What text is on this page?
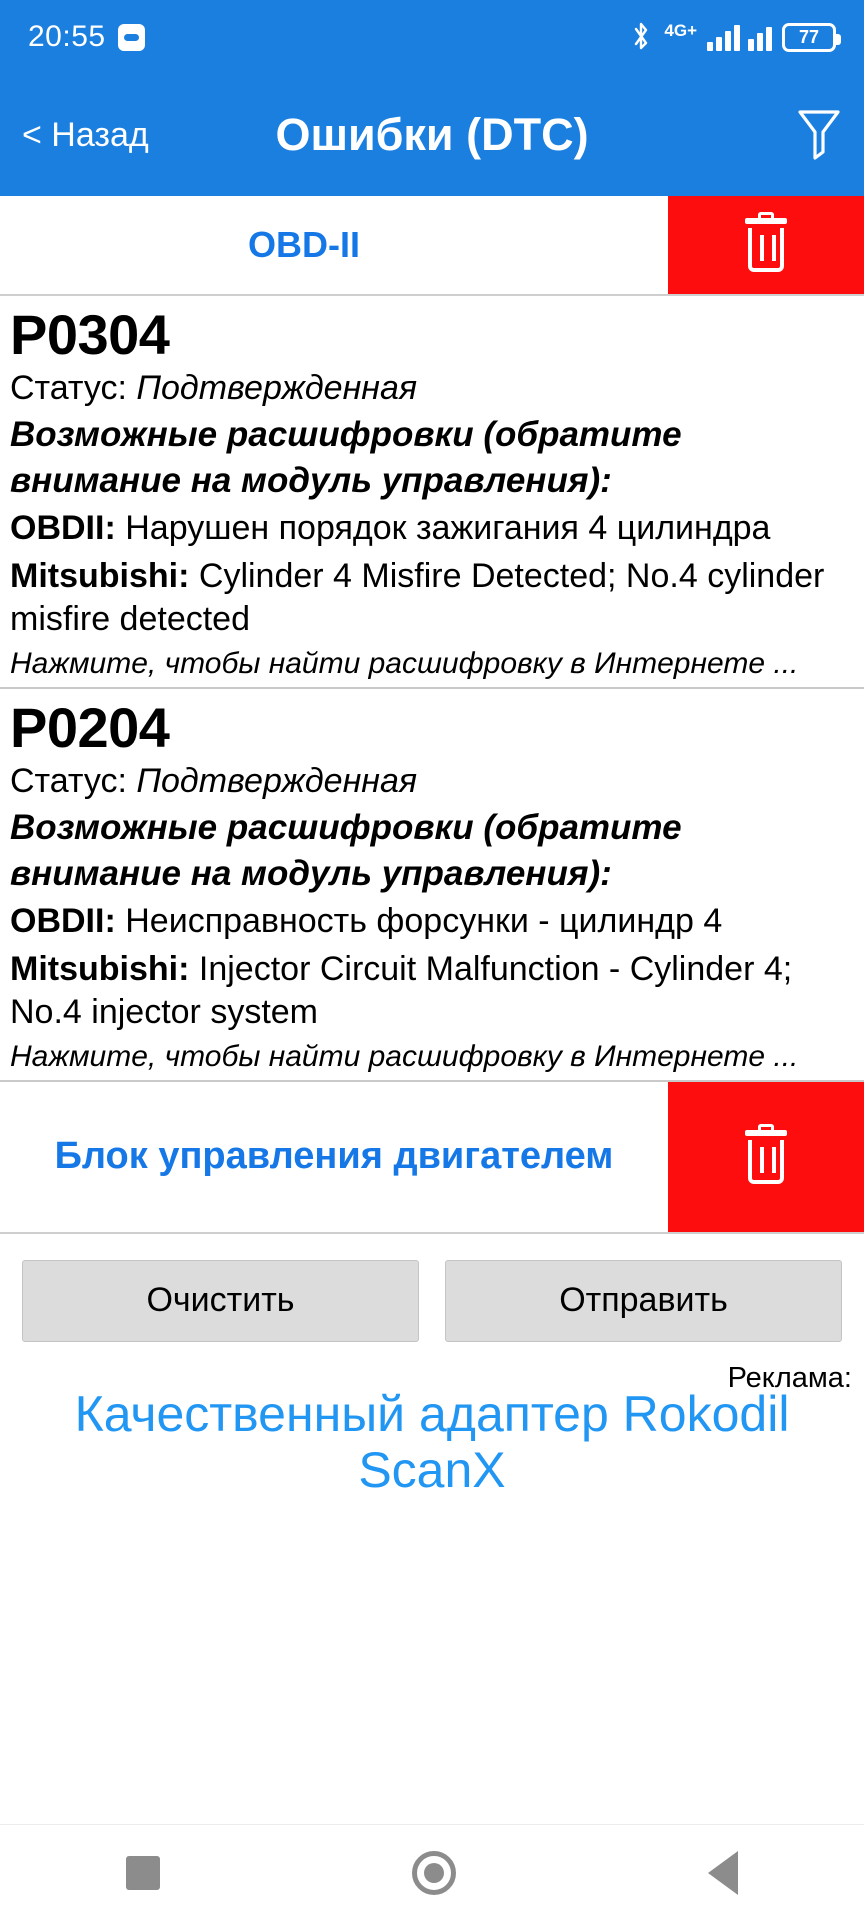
20:55	4G+	77
< Назад	Ошибки (DTC)
OBD-II
P0304
Статус: Подтвержденная
Возможные расшифровки (обратите внимание на модуль управления):
OBDII: Нарушен порядок зажигания 4 цилиндра
Mitsubishi: Cylinder 4 Misfire Detected; No.4 cylinder misfire detected
Нажмите, чтобы найти расшифровку в Интернете ...
P0204
Статус: Подтвержденная
Возможные расшифровки (обратите внимание на модуль управления):
OBDII: Неисправность форсунки - цилиндр 4
Mitsubishi: Injector Circuit Malfunction - Cylinder 4; No.4 injector system
Нажмите, чтобы найти расшифровку в Интернете ...
Блок управления двигателем
Очистить	Отправить
Реклама:
Качественный адаптер Rokodil ScanX
